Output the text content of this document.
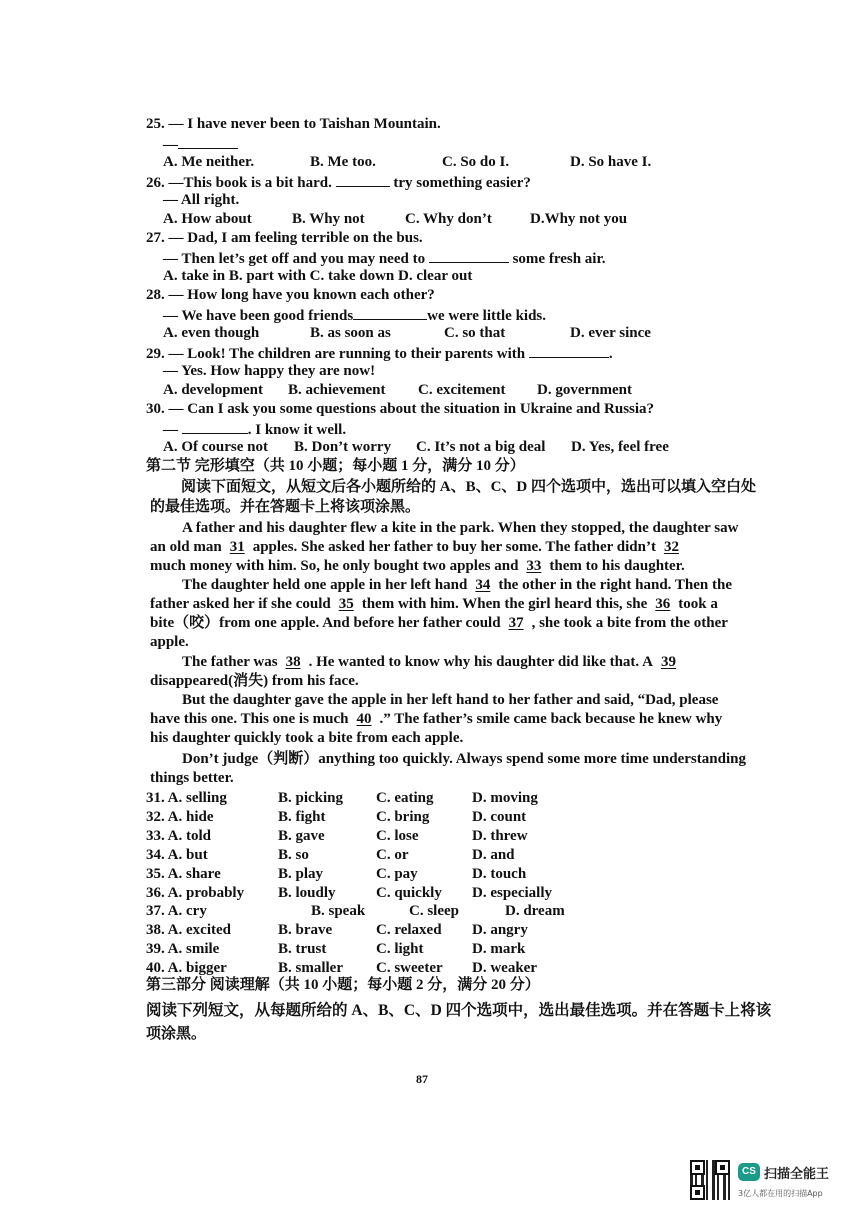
25. — I have never been to Taishan Mountain.
—
A. Me neither.	B. Me too.	C. So do I.	D. So have I.
26. —This book is a bit hard.	try something easier?
— All right.
A. How about	B. Why not	C. Why don’t	D.Why not you
27. — Dad, I am feeling terrible on the bus.
— Then let’s get off and you may need to	some fresh air.
A. take in B. part with C. take down D. clear out
28. — How long have you known each other?
— We have been good friends	we were little kids.
A. even though	B. as soon as	C. so that	D. ever since
29. — Look! The children are running to their parents with	.
— Yes. How happy they are now!
A. development B. achievement C. excitement D. government
30. — Can I ask you some questions about the situation in Ukraine and Russia?
—	. I know it well.
A. Of course not B. Don’t worry C. It’s not a big deal D. Yes, feel free
第二节 完形填空（共 10 小题；每小题 1 分，满分 10 分）
阅读下面短文，从短文后各小题所给的 A、B、C、D 四个选项中，选出可以填入空白处
的最佳选项。并在答题卡上将该项涂黑。
A father and his daughter flew a kite in the park. When they stopped, the daughter saw
an old man 31 apples. She asked her father to buy her some. The father didn’t 32
much money with him. So, he only bought two apples and 33 them to his daughter.
The daughter held one apple in her left hand 34 the other in the right hand. Then the
father asked her if she could 35 them with him. When the girl heard this, she 36 took a
bite（咬）from one apple. And before her father could 37 , she took a bite from the other
apple.
The father was 38 . He wanted to know why his daughter did like that. A 39
disappeared(消失) from his face.
But the daughter gave the apple in her left hand to her father and said, “Dad, please
have this one. This one is much 40 .” The father’s smile came back because he knew why
his daughter quickly took a bite from each apple.
Don’t judge（判断）anything too quickly. Always spend some more time understanding
things better.
31. A. selling	B. picking C. eating	D. moving
32. A. hide	B. fight	C. bring	D. count
33. A. told	B. gave	C. lose	D. threw
34. A. but	B. so	C. or	D. and
35. A. share	B. play	C. pay	D. touch
36. A. probably B. loudly	C. quickly D. especially
37. A. cry	B. speak	C. sleep	D. dream
38. A. excited	B. brave	C. relaxed D. angry
39. A. smile	B. trust	C. light	D. mark
40. A. bigger	B. smaller C. sweeter D. weaker
第三部分 阅读理解（共 10 小题；每小题 2 分，满分 20 分）
阅读下列短文，从每题所给的 A、B、C、D 四个选项中，选出最佳选项。并在答题卡上将该
项涂黑。
87
CS 扫描全能王
3亿人都在用的扫描App
